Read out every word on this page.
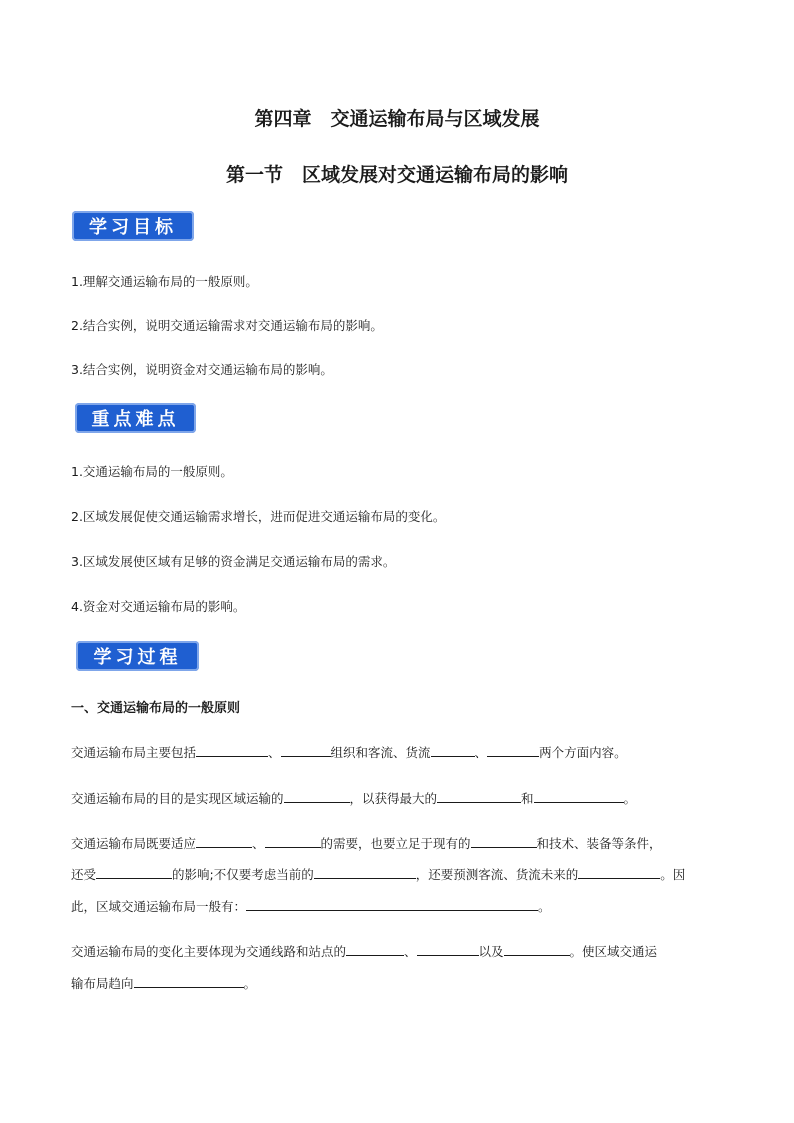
第四章　交通运输布局与区域发展
第一节　区域发展对交通运输布局的影响
学习目标
1.理解交通运输布局的一般原则。
2.结合实例，说明交通运输需求对交通运输布局的影响。
3.结合实例，说明资金对交通运输布局的影响。
重点难点
1.交通运输布局的一般原则。
2.区域发展促使交通运输需求增长，进而促进交通运输布局的变化。
3.区域发展使区域有足够的资金满足交通运输布局的需求。
4.资金对交通运输布局的影响。
学习过程
一、交通运输布局的一般原则
交通运输布局主要包括	、	组织和客流、货流	、	两个方面内容。
交通运输布局的目的是实现区域运输的	，以获得最大的	和	。
交通运输布局既要适应	、	的需要，也要立足于现有的	和技术、装备等条件，
还受	的影响;不仅要考虑当前的	，还要预测客流、货流未来的	。因
此，区域交通运输布局一般有：	。
交通运输布局的变化主要体现为交通线路和站点的	、	以及	。使区域交通运
输布局趋向	。
